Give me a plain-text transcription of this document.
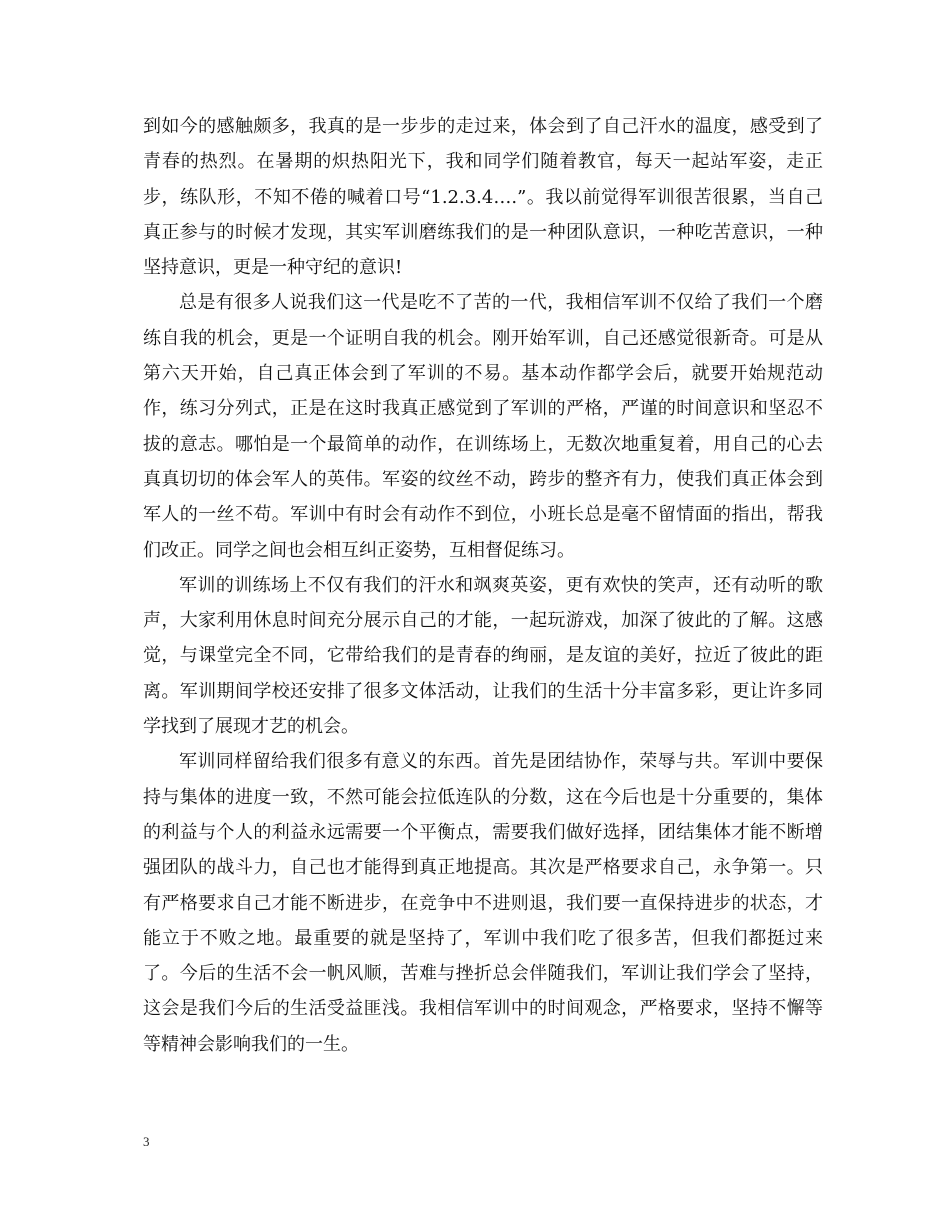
到如今的感触颇多，我真的是一步步的走过来，体会到了自己汗水的温度，感受到了青春的热烈。在暑期的炽热阳光下，我和同学们随着教官，每天一起站军姿，走正步，练队形，不知不倦的喊着口号“1.2.3.4….”。我以前觉得军训很苦很累，当自己真正参与的时候才发现，其实军训磨练我们的是一种团队意识，一种吃苦意识，一种坚持意识，更是一种守纪的意识!

总是有很多人说我们这一代是吃不了苦的一代，我相信军训不仅给了我们一个磨练自我的机会，更是一个证明自我的机会。刚开始军训，自己还感觉很新奇。可是从第六天开始，自己真正体会到了军训的不易。基本动作都学会后，就要开始规范动作，练习分列式，正是在这时我真正感觉到了军训的严格，严谨的时间意识和坚忍不拔的意志。哪怕是一个最简单的动作，在训练场上，无数次地重复着，用自己的心去真真切切的体会军人的英伟。军姿的纹丝不动，跨步的整齐有力，使我们真正体会到军人的一丝不苟。军训中有时会有动作不到位，小班长总是毫不留情面的指出，帮我们改正。同学之间也会相互纠正姿势，互相督促练习。

军训的训练场上不仅有我们的汗水和飒爽英姿，更有欢快的笑声，还有动听的歌声，大家利用休息时间充分展示自己的才能，一起玩游戏，加深了彼此的了解。这感觉，与课堂完全不同，它带给我们的是青春的绚丽，是友谊的美好，拉近了彼此的距离。军训期间学校还安排了很多文体活动，让我们的生活十分丰富多彩，更让许多同学找到了展现才艺的机会。

军训同样留给我们很多有意义的东西。首先是团结协作，荣辱与共。军训中要保持与集体的进度一致，不然可能会拉低连队的分数，这在今后也是十分重要的，集体的利益与个人的利益永远需要一个平衡点，需要我们做好选择，团结集体才能不断增强团队的战斗力，自己也才能得到真正地提高。其次是严格要求自己，永争第一。只有严格要求自己才能不断进步，在竞争中不进则退，我们要一直保持进步的状态，才能立于不败之地。最重要的就是坚持了，军训中我们吃了很多苦，但我们都挺过来了。今后的生活不会一帆风顺，苦难与挫折总会伴随我们，军训让我们学会了坚持，这会是我们今后的生活受益匪浅。我相信军训中的时间观念，严格要求，坚持不懈等等精神会影响我们的一生。

3
